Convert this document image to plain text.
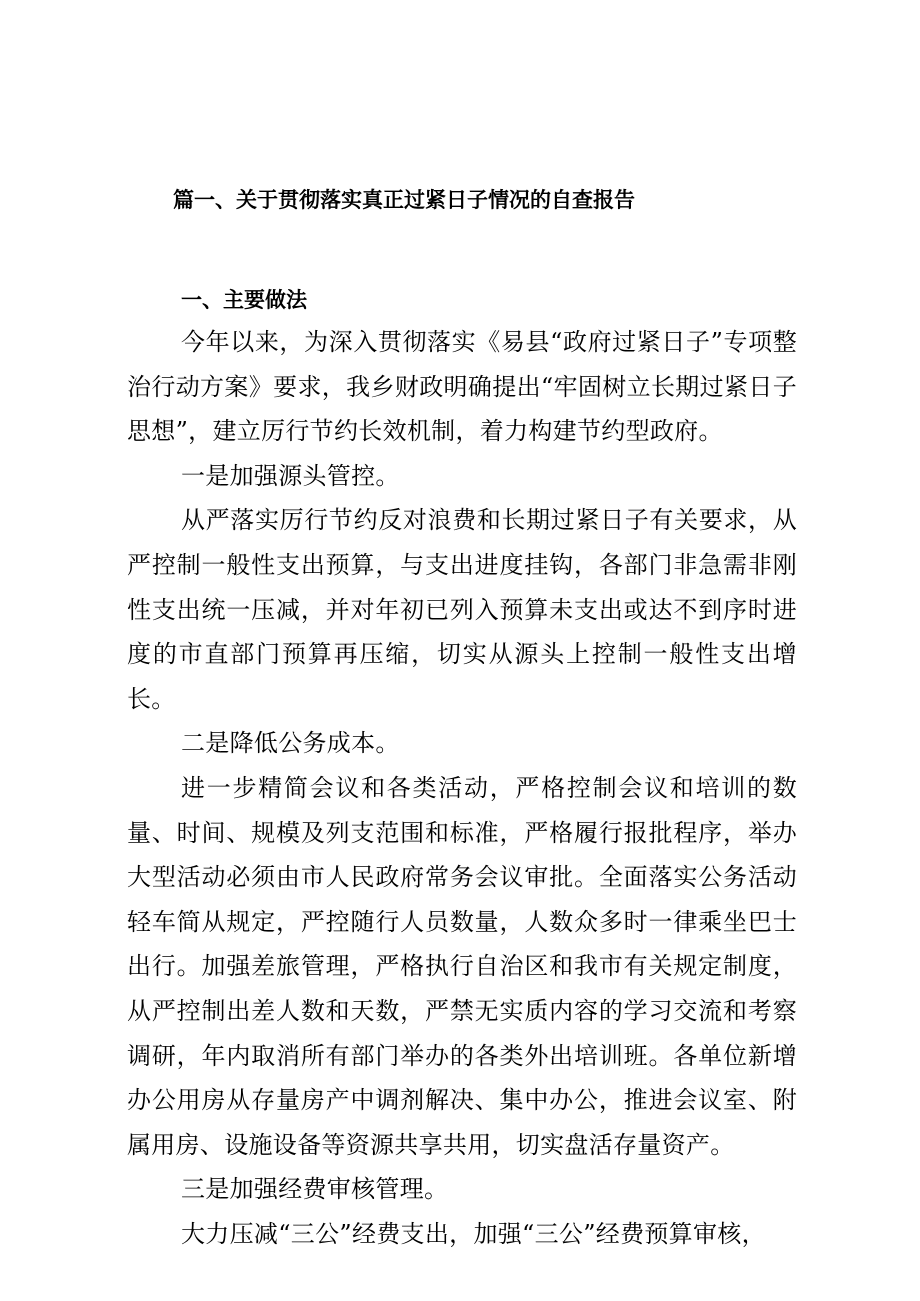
篇一、关于贯彻落实真正过紧日子情况的自查报告
一、主要做法

今年以来，为深入贯彻落实《易县“政府过紧日子”专项整治行动方案》要求，我乡财政明确提出“牢固树立长期过紧日子思想”，建立厉行节约长效机制，着力构建节约型政府。

一是加强源头管控。

从严落实厉行节约反对浪费和长期过紧日子有关要求，从严控制一般性支出预算，与支出进度挂钩，各部门非急需非刚性支出统一压减，并对年初已列入预算未支出或达不到序时进度的市直部门预算再压缩，切实从源头上控制一般性支出增长。

二是降低公务成本。

进一步精简会议和各类活动，严格控制会议和培训的数量、时间、规模及列支范围和标准，严格履行报批程序，举办大型活动必须由市人民政府常务会议审批。全面落实公务活动轻车简从规定，严控随行人员数量，人数众多时一律乘坐巴士出行。加强差旅管理，严格执行自治区和我市有关规定制度，从严控制出差人数和天数，严禁无实质内容的学习交流和考察调研，年内取消所有部门举办的各类外出培训班。各单位新增办公用房从存量房产中调剂解决、集中办公，推进会议室、附属用房、设施设备等资源共享共用，切实盘活存量资产。

三是加强经费审核管理。

大力压减“三公”经费支出，加强“三公”经费预算审核，
